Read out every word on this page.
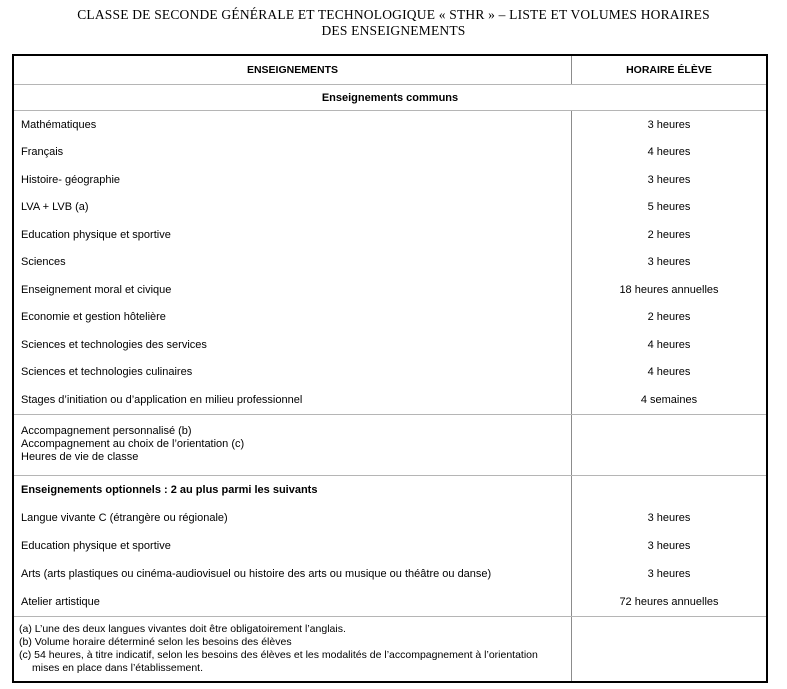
CLASSE DE SECONDE GÉNÉRALE ET TECHNOLOGIQUE « STHR » – LISTE ET VOLUMES HORAIRES
DES ENSEIGNEMENTS
ENSEIGNEMENTS	HORAIRE ÉLÈVE
Enseignements communs
Mathématiques	3 heures
Français	4 heures
Histoire- géographie	3 heures
LVA + LVB (a)	5 heures
Education physique et sportive	2 heures
Sciences	3 heures
Enseignement moral et civique	18 heures annuelles
Economie et gestion hôtelière	2 heures
Sciences et technologies des services	4 heures
Sciences et technologies culinaires	4 heures
Stages d’initiation ou d’application en milieu professionnel	4 semaines
Accompagnement personnalisé (b)
Accompagnement au choix de l’orientation (c)
Heures de vie de classe
Enseignements optionnels : 2 au plus parmi les suivants
Langue vivante C (étrangère ou régionale)	3 heures
Education physique et sportive	3 heures
Arts (arts plastiques ou cinéma-audiovisuel ou histoire des arts ou musique ou théâtre ou danse)	3 heures
Atelier artistique	72 heures annuelles
(a) L’une des deux langues vivantes doit être obligatoirement l’anglais.
(b) Volume horaire déterminé selon les besoins des élèves
(c) 54 heures, à titre indicatif, selon les besoins des élèves et les modalités de l’accompagnement à l’orientation mises en place dans l’établissement.
